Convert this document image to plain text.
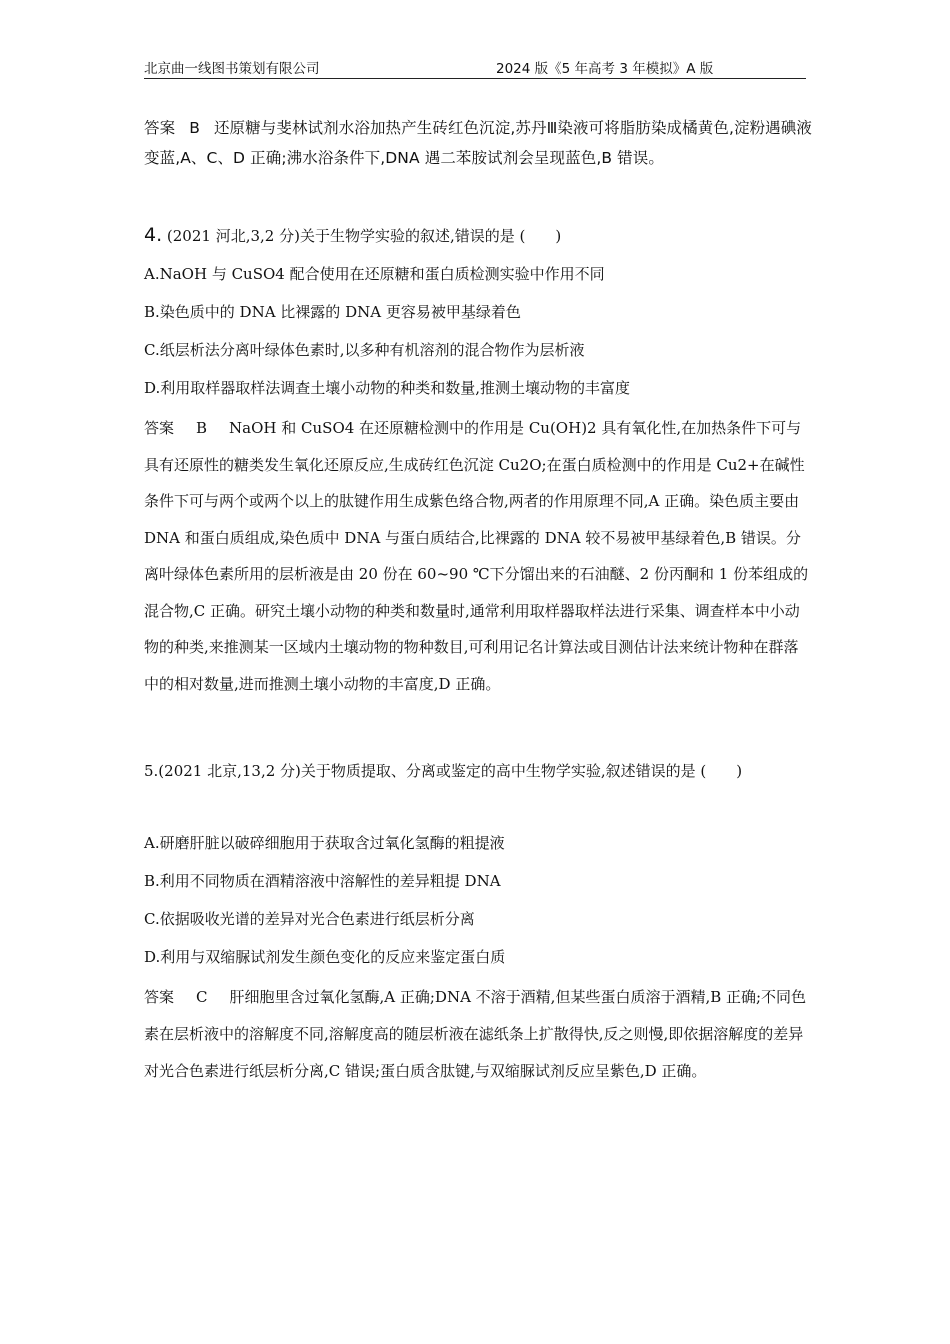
北京曲一线图书策划有限公司	2024 版《5 年高考 3 年模拟》A 版

答案 B 还原糖与斐林试剂水浴加热产生砖红色沉淀,苏丹Ⅲ染液可将脂肪染成橘黄色,淀粉遇碘液变蓝,A、C、D 正确;沸水浴条件下,DNA 遇二苯胺试剂会呈现蓝色,B 错误。

4. (2021 河北,3,2 分)关于生物学实验的叙述,错误的是 (　　)
A.NaOH 与 CuSO4 配合使用在还原糖和蛋白质检测实验中作用不同
B.染色质中的 DNA 比裸露的 DNA 更容易被甲基绿着色
C.纸层析法分离叶绿体色素时,以多种有机溶剂的混合物作为层析液
D.利用取样器取样法调查土壤小动物的种类和数量,推测土壤动物的丰富度

答案 B NaOH 和 CuSO4 在还原糖检测中的作用是 Cu(OH)2 具有氧化性,在加热条件下可与具有还原性的糖类发生氧化还原反应,生成砖红色沉淀 Cu2O;在蛋白质检测中的作用是 Cu2+在碱性条件下可与两个或两个以上的肽键作用生成紫色络合物,两者的作用原理不同,A 正确。染色质主要由 DNA 和蛋白质组成,染色质中 DNA 与蛋白质结合,比裸露的 DNA 较不易被甲基绿着色,B 错误。分离叶绿体色素所用的层析液是由 20 份在 60~90 ℃下分馏出来的石油醚、2 份丙酮和 1 份苯组成的混合物,C 正确。研究土壤小动物的种类和数量时,通常利用取样器取样法进行采集、调查样本中小动物的种类,来推测某一区域内土壤动物的物种数目,可利用记名计算法或目测估计法来统计物种在群落中的相对数量,进而推测土壤小动物的丰富度,D 正确。

5.(2021 北京,13,2 分)关于物质提取、分离或鉴定的高中生物学实验,叙述错误的是 (　　)

A.研磨肝脏以破碎细胞用于获取含过氧化氢酶的粗提液
B.利用不同物质在酒精溶液中溶解性的差异粗提 DNA
C.依据吸收光谱的差异对光合色素进行纸层析分离
D.利用与双缩脲试剂发生颜色变化的反应来鉴定蛋白质

答案 C 肝细胞里含过氧化氢酶,A 正确;DNA 不溶于酒精,但某些蛋白质溶于酒精,B 正确;不同色素在层析液中的溶解度不同,溶解度高的随层析液在滤纸条上扩散得快,反之则慢,即依据溶解度的差异对光合色素进行纸层析分离,C 错误;蛋白质含肽键,与双缩脲试剂反应呈紫色,D 正确。
